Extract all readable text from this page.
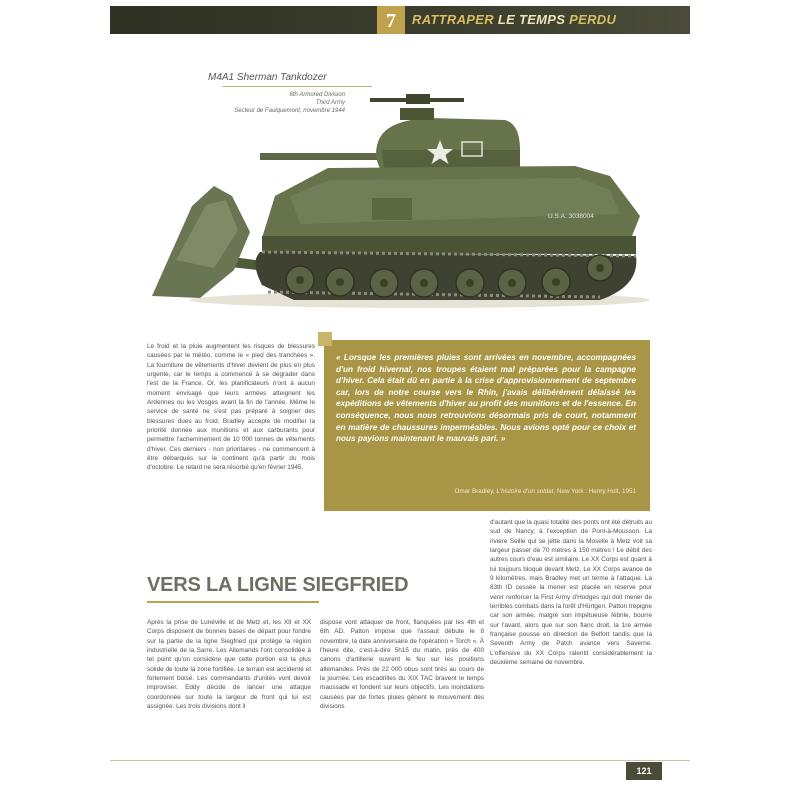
7	RATTRAPER LE TEMPS PERDU
M4A1 Sherman Tankdozer
6th Armored Division
Third Army
Secteur de Faulquemont, novembre 1944
U.S.A. 3038004
Le froid et la pluie augmentent les risques de blessures causées par le météo, comme le « pied des tranchées ». La fourniture de vêtements d'hiver devient de plus en plus urgente, car le temps a commencé à se dégrader dans l'est de la France. Or, les planificateurs n'ont à aucun moment envisagé que leurs armées atteignent les Ardennes ou les Vosges avant la fin de l'année. Même le service de santé ne s'est pas préparé à soigner des blessures dues au froid. Bradley accepte de modifier la priorité donnée aux munitions et aux carburants pour permettre l'acheminement de 10 000 tonnes de vêtements d'hiver. Ces derniers - non prioritaires - ne commencent à être débarqués sur le continent qu'à partir du mois d'octobre. Le retard ne sera résorbé qu'en février 1945.
« Lorsque les premières pluies sont arrivées en novembre, accompagnées d'un froid hivernal, nos troupes étaient mal préparées pour la campagne d'hiver. Cela était dû en partie à la crise d'approvisionnement de septembre car, lors de notre course vers le Rhin, j'avais délibérément délaissé les expéditions de vêtements d'hiver au profit des munitions et de l'essence. En conséquence, nous nous retrouvions désormais pris de court, notamment en matière de chaussures imperméables. Nous avions opté pour ce choix et nous payions maintenant le mauvais pari. »
Omar Bradley, L'histoire d'un soldat, New York : Henry Holt, 1951
d'autant que la quasi totalité des ponts ont été détruits au sud de Nancy, à l'exception de Pont-à-Mousson. La rivière Seille qui se jette dans la Moselle à Metz voit sa largeur passer de 70 mètres à 150 mètres ! Le débit des autres cours d'eau est similaire. Le XX Corps est quant à lui toujours bloqué devant Metz. Le XX Corps avance de 9 kilomètres, mais Bradley met un terme à l'attaque. La 83th ID cessée la mener est placée en réserve pour venir renforcer la First Army d'Hodges qui doit mener de terribles combats dans la forêt d'Hürtgen. Patton trépigne car son armée, malgré son impétueuse fébrile, bourre sur l'avant, alors que sur son flanc droit, la 1re armée française pousse en direction de Belfort tandis que la Seventh Army de Patch avance vers Saverne. L'offensive du XX Corps ralentit considérablement la deuxième semaine de novembre.
VERS LA LIGNE SIEGFRIED
Après la prise de Lunéville et de Metz et, les XII et XX Corps disposent de bonnes bases de départ pour fondre sur la partie de la ligne Siegfried qui protège la région industrielle de la Sarre. Les Allemands l'ont consolidée à tel point qu'on considère que cette portion est la plus solide de toute la zone fortifiée. Le terrain est accidenté et fortement boisé. Les commandants d'unités vont devoir improviser. Eddy décide de lancer une attaque coordonnée sur toute la largeur de front qui lui est assignée. Les trois divisions dont il
dispose vont attaquer de front, flanquées par les 4th et 6th AD. Patton impose que l'assaut débute le 8 novembre, la date anniversaire de l'opération « Torch ». À l'heure dite, c'est-à-dire 5h15 du matin, près de 400 canons d'artillerie ouvrent le feu sur les positions allemandes. Près de 22 000 obus sont tirés au cours de la journée. Les escadrilles du XIX TAC bravent le temps maussade et fondent sur leurs objectifs. Les inondations causées par de fortes pluies gênent le mouvement des divisions
121
